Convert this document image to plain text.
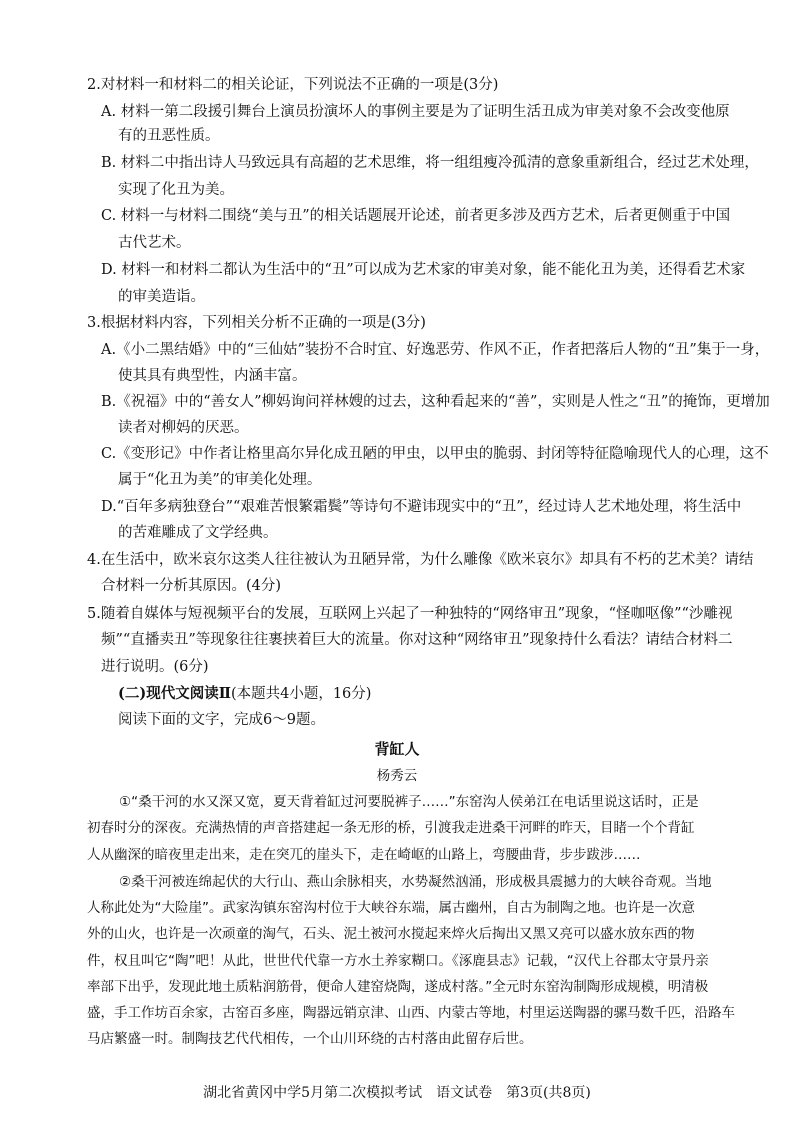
2.对材料一和材料二的相关论证，下列说法不正确的一项是(3分)
A. 材料一第二段援引舞台上演员扮演坏人的事例主要是为了证明生活丑成为审美对象不会改变他原
有的丑恶性质。
B. 材料二中指出诗人马致远具有高超的艺术思维，将一组组瘦冷孤清的意象重新组合，经过艺术处理，
实现了化丑为美。
C. 材料一与材料二围绕“美与丑”的相关话题展开论述，前者更多涉及西方艺术，后者更侧重于中国
古代艺术。
D. 材料一和材料二都认为生活中的“丑”可以成为艺术家的审美对象，能不能化丑为美，还得看艺术家
的审美造诣。
3.根据材料内容，下列相关分析不正确的一项是(3分)
A.《小二黑结婚》中的“三仙姑”装扮不合时宜、好逸恶劳、作风不正，作者把落后人物的“丑”集于一身，
使其具有典型性，内涵丰富。
B.《祝福》中的“善女人”柳妈询问祥林嫂的过去，这种看起来的“善”，实则是人性之“丑”的掩饰，更增加
读者对柳妈的厌恶。
C.《变形记》中作者让格里高尔异化成丑陋的甲虫，以甲虫的脆弱、封闭等特征隐喻现代人的心理，这不
属于“化丑为美”的审美化处理。
D.“百年多病独登台”“艰难苦恨繁霜鬓”等诗句不避讳现实中的“丑”，经过诗人艺术地处理，将生活中
的苦难雕成了文学经典。
4.在生活中，欧米哀尔这类人往往被认为丑陋异常，为什么雕像《欧米哀尔》却具有不朽的艺术美？请结
合材料一分析其原因。(4分)
5.随着自媒体与短视频平台的发展，互联网上兴起了一种独特的“网络审丑”现象，“怪咖呕像”“沙雕视
频”“直播卖丑”等现象往往裹挟着巨大的流量。你对这种“网络审丑”现象持什么看法？请结合材料二
进行说明。(6分)
(二)现代文阅读Ⅱ(本题共4小题，16分)
阅读下面的文字，完成6～9题。
背缸人
杨秀云
①“桑干河的水又深又宽，夏天背着缸过河要脱裤子……”东窑沟人侯弟江在电话里说这话时，正是
初春时分的深夜。充满热情的声音搭建起一条无形的桥，引渡我走进桑干河畔的昨天，目睹一个个背缸
人从幽深的暗夜里走出来，走在突兀的崖头下，走在崎岖的山路上，弯腰曲背，步步跋涉……
②桑干河被连绵起伏的大行山、燕山余脉相夹，水势凝然汹涌，形成极具震撼力的大峡谷奇观。当地
人称此处为“大险崖”。武家沟镇东窑沟村位于大峡谷东端，属古幽州，自古为制陶之地。也许是一次意
外的山火，也许是一次顽童的淘气，石头、泥土被河水搅起来焠火后掏出又黑又亮可以盛水放东西的物
件，权且叫它“陶”吧！从此，世世代代靠一方水土养家糊口。《涿鹿县志》记载，“汉代上谷郡太守景丹亲
率部下出乎，发现此地土质粘润筋骨，便命人建窑烧陶，遂成村落。”全元时东窑沟制陶形成规模，明清极
盛，手工作坊百余家，古窑百多座，陶器远销京津、山西、内蒙古等地，村里运送陶器的骡马数千匹，沿路车
马店繁盛一时。制陶技艺代代相传，一个山川环绕的古村落由此留存后世。
湖北省黄冈中学5月第二次模拟考试　语文试卷　第3页(共8页)
